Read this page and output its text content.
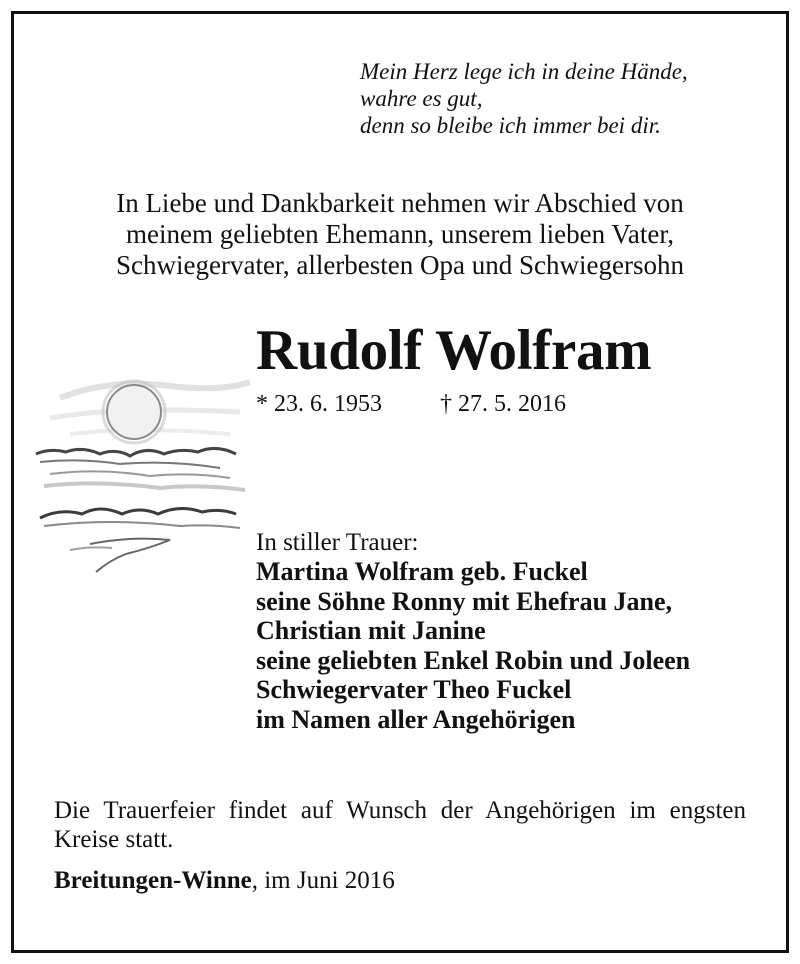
Mein Herz lege ich in deine Hände,
wahre es gut,
denn so bleibe ich immer bei dir.
In Liebe und Dankbarkeit nehmen wir Abschied von
meinem geliebten Ehemann, unserem lieben Vater,
Schwiegervater, allerbesten Opa und Schwiegersohn
Rudolf Wolfram
* 23. 6. 1953 † 27. 5. 2016
In stiller Trauer:
Martina Wolfram geb. Fuckel
seine Söhne Ronny mit Ehefrau Jane,
Christian mit Janine
seine geliebten Enkel Robin und Joleen
Schwiegervater Theo Fuckel
im Namen aller Angehörigen
Die Trauerfeier findet auf Wunsch der Angehörigen im engsten Kreise statt.
Breitungen-Winne, im Juni 2016
